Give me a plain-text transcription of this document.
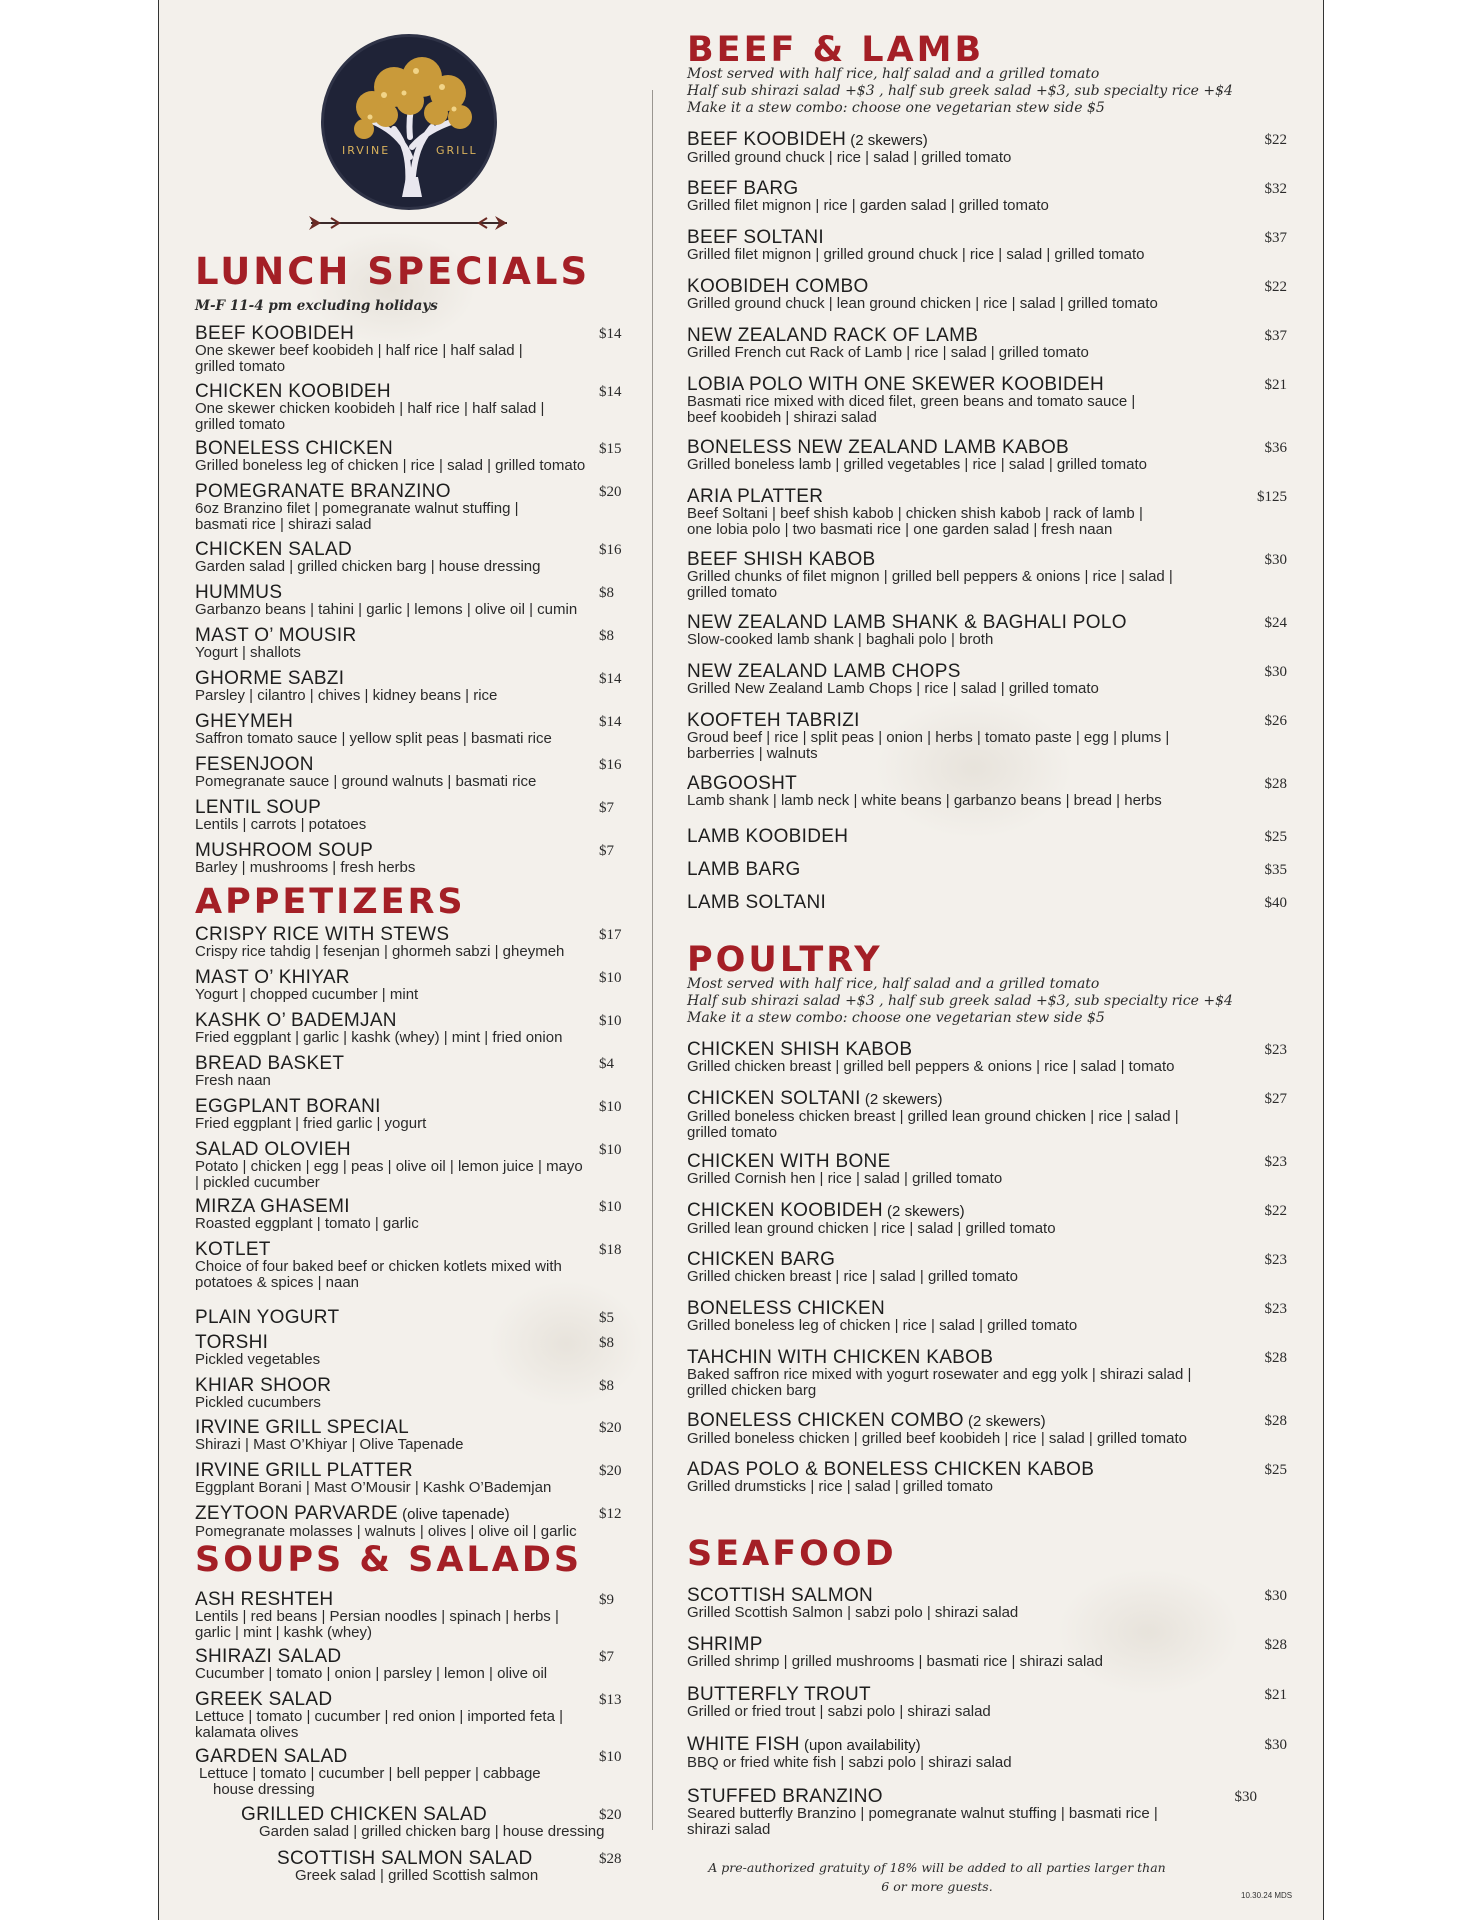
IRVINE	GRILL
LUNCH SPECIALS
M-F 11-4 pm excluding holidays
BEEF KOOBIDEH
One skewer beef koobideh | half rice | half salad |
grilled tomato
$14
CHICKEN KOOBIDEH
One skewer chicken koobideh | half rice | half salad |
grilled tomato
$14
BONELESS CHICKEN
Grilled boneless leg of chicken | rice | salad | grilled tomato
$15
POMEGRANATE BRANZINO
6oz Branzino filet | pomegranate walnut stuffing |
basmati rice | shirazi salad
$20
CHICKEN SALAD
Garden salad | grilled chicken barg | house dressing
$16
HUMMUS
Garbanzo beans | tahini | garlic | lemons | olive oil | cumin
$8
MAST O’ MOUSIR
Yogurt | shallots
$8
GHORME SABZI
Parsley | cilantro | chives | kidney beans | rice
$14
GHEYMEH
Saffron tomato sauce | yellow split peas | basmati rice
$14
FESENJOON
Pomegranate sauce | ground walnuts | basmati rice
$16
LENTIL SOUP
Lentils | carrots | potatoes
$7
MUSHROOM SOUP
Barley | mushrooms | fresh herbs
$7
APPETIZERS
CRISPY RICE WITH STEWS
Crispy rice tahdig | fesenjan | ghormeh sabzi | gheymeh
$17
MAST O’ KHIYAR
Yogurt | chopped cucumber | mint
$10
KASHK O’ BADEMJAN
Fried eggplant | garlic | kashk (whey) | mint | fried onion
$10
BREAD BASKET
Fresh naan
$4
EGGPLANT BORANI
Fried eggplant | fried garlic | yogurt
$10
SALAD OLOVIEH
Potato | chicken | egg | peas | olive oil | lemon juice | mayo
| pickled cucumber
$10
MIRZA GHASEMI
Roasted eggplant | tomato | garlic
$10
KOTLET
Choice of four baked beef or chicken kotlets mixed with
potatoes & spices | naan
$18
PLAIN YOGURT	$5
TORSHI
Pickled vegetables
$8
KHIAR SHOOR
Pickled cucumbers
$8
IRVINE GRILL SPECIAL
Shirazi | Mast O’Khiyar | Olive Tapenade
$20
IRVINE GRILL PLATTER
Eggplant Borani | Mast O’Mousir | Kashk O’Bademjan
$20
ZEYTOON PARVARDE (olive tapenade)
Pomegranate molasses | walnuts | olives | olive oil | garlic
$12
SOUPS & SALADS
ASH RESHTEH
Lentils | red beans | Persian noodles | spinach | herbs |
garlic | mint | kashk (whey)
$9
SHIRAZI SALAD
Cucumber | tomato | onion | parsley | lemon | olive oil
$7
GREEK SALAD
Lettuce | tomato | cucumber | red onion | imported feta |
kalamata olives
$13
GARDEN SALAD
Lettuce | tomato | cucumber | bell pepper | cabbage
house dressing
$10
GRILLED CHICKEN SALAD
Garden salad | grilled chicken barg | house dressing
$20
SCOTTISH SALMON SALAD
Greek salad | grilled Scottish salmon
$28
BEEF & LAMB
Most served with half rice, half salad and a grilled tomato
Half sub shirazi salad +$3 , half sub greek salad +$3, sub specialty rice +$4
Make it a stew combo: choose one vegetarian stew side $5
BEEF KOOBIDEH (2 skewers)
Grilled ground chuck | rice | salad | grilled tomato
$22
BEEF BARG
Grilled filet mignon | rice | garden salad | grilled tomato
$32
BEEF SOLTANI
Grilled filet mignon | grilled ground chuck | rice | salad | grilled tomato
$37
KOOBIDEH COMBO
Grilled ground chuck | lean ground chicken | rice | salad | grilled tomato
$22
NEW ZEALAND RACK OF LAMB
Grilled French cut Rack of Lamb | rice | salad | grilled tomato
$37
LOBIA POLO WITH ONE SKEWER KOOBIDEH
Basmati rice mixed with diced filet, green beans and tomato sauce |
beef koobideh | shirazi salad
$21
BONELESS NEW ZEALAND LAMB KABOB
Grilled boneless lamb | grilled vegetables | rice | salad | grilled tomato
$36
ARIA PLATTER
Beef Soltani | beef shish kabob | chicken shish kabob | rack of lamb |
one lobia polo | two basmati rice | one garden salad | fresh naan
$125
BEEF SHISH KABOB
Grilled chunks of filet mignon | grilled bell peppers & onions | rice | salad |
grilled tomato
$30
NEW ZEALAND LAMB SHANK & BAGHALI POLO
Slow-cooked lamb shank | baghali polo | broth
$24
NEW ZEALAND LAMB CHOPS
Grilled New Zealand Lamb Chops | rice | salad | grilled tomato
$30
KOOFTEH TABRIZI
Groud beef | rice | split peas | onion | herbs | tomato paste | egg | plums |
barberries | walnuts
$26
ABGOOSHT
Lamb shank | lamb neck | white beans | garbanzo beans | bread | herbs
$28
LAMB KOOBIDEH	$25
LAMB BARG	$35
LAMB SOLTANI	$40
POULTRY
Most served with half rice, half salad and a grilled tomato
Half sub shirazi salad +$3 , half sub greek salad +$3, sub specialty rice +$4
Make it a stew combo: choose one vegetarian stew side $5
CHICKEN SHISH KABOB
Grilled chicken breast | grilled bell peppers & onions | rice | salad | tomato
$23
CHICKEN SOLTANI (2 skewers)
Grilled boneless chicken breast | grilled lean ground chicken | rice | salad |
grilled tomato
$27
CHICKEN WITH BONE
Grilled Cornish hen | rice | salad | grilled tomato
$23
CHICKEN KOOBIDEH (2 skewers)
Grilled lean ground chicken | rice | salad | grilled tomato
$22
CHICKEN BARG
Grilled chicken breast | rice | salad | grilled tomato
$23
BONELESS CHICKEN
Grilled boneless leg of chicken | rice | salad | grilled tomato
$23
TAHCHIN WITH CHICKEN KABOB
Baked saffron rice mixed with yogurt rosewater and egg yolk | shirazi salad |
grilled chicken barg
$28
BONELESS CHICKEN COMBO (2 skewers)
Grilled boneless chicken | grilled beef koobideh | rice | salad | grilled tomato
$28
ADAS POLO & BONELESS CHICKEN KABOB
Grilled drumsticks | rice | salad | grilled tomato
$25
SEAFOOD
SCOTTISH SALMON
Grilled Scottish Salmon | sabzi polo | shirazi salad
$30
SHRIMP
Grilled shrimp | grilled mushrooms | basmati rice | shirazi salad
$28
BUTTERFLY TROUT
Grilled or fried trout | sabzi polo | shirazi salad
$21
WHITE FISH (upon availability)
BBQ or fried white fish | sabzi polo | shirazi salad
$30
STUFFED BRANZINO
Seared butterfly Branzino | pomegranate walnut stuffing | basmati rice |
shirazi salad
$30
A pre-authorized gratuity of 18% will be added to all parties larger than 6 or more guests.
10.30.24 MDS
